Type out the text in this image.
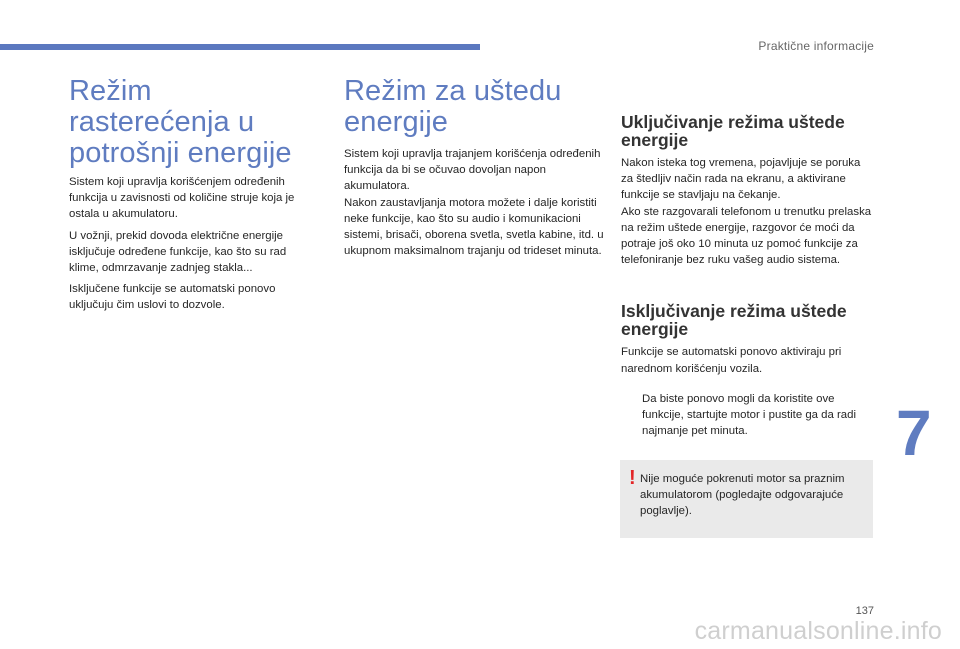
Praktične informacije
Režim rasterećenja u potrošnji energije

Sistem koji upravlja korišćenjem određenih funkcija u zavisnosti od količine struje koja je ostala u akumulatoru.

U vožnji, prekid dovoda električne energije isključuje određene funkcije, kao što su rad klime, odmrzavanje zadnjeg stakla...

Isključene funkcije se automatski ponovo uključuju čim uslovi to dozvole.

Režim za uštedu energije

Sistem koji upravlja trajanjem korišćenja određenih funkcija da bi se očuvao dovoljan napon akumulatora.

Nakon zaustavljanja motora možete i dalje koristiti neke funkcije, kao što su audio i komunikacioni sistemi, brisači, oborena svetla, svetla kabine, itd. u ukupnom maksimalnom trajanju od trideset minuta.

Uključivanje režima uštede energije

Nakon isteka tog vremena, pojavljuje se poruka za štedljiv način rada na ekranu, a aktivirane funkcije se stavljaju na čekanje.

Ako ste razgovarali telefonom u trenutku prelaska na režim uštede energije, razgovor će moći da potraje još oko 10 minuta uz pomoć funkcije za telefoniranje bez ruku vašeg audio sistema.

Isključivanje režima uštede energije

Funkcije se automatski ponovo aktiviraju pri narednom korišćenju vozila.

Da biste ponovo mogli da koristite ove funkcije, startujte motor i pustite ga da radi najmanje pet minuta.
! Nije moguće pokrenuti motor sa praznim akumulatorom (pogledajte odgovarajuće poglavlje).
7
137
carmanualsonline.info
